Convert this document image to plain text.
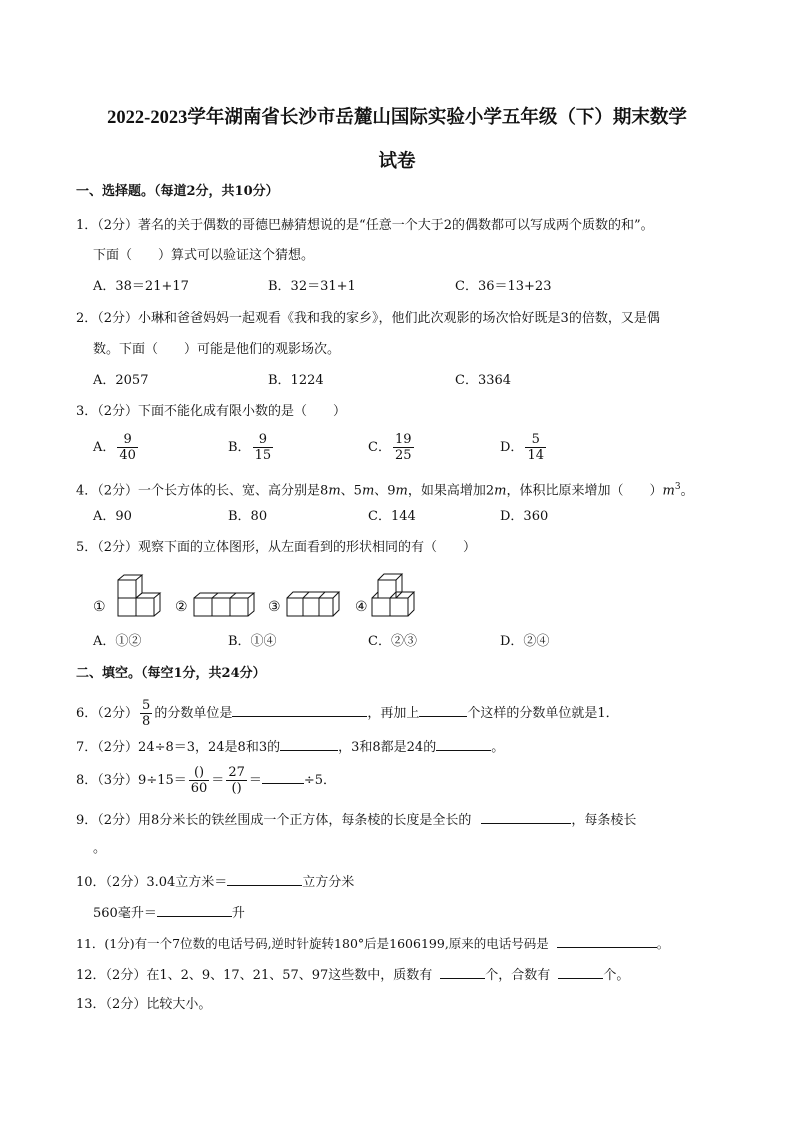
2022-2023学年湖南省长沙市岳麓山国际实验小学五年级（下）期末数学
试卷
一、选择题。（每道2分，共10分）
1．（2分）著名的关于偶数的哥德巴赫猜想说的是“任意一个大于2的偶数都可以写成两个质数的和”。
下面（　　）算式可以验证这个猜想。
A．38＝21+17	B．32＝31+1	C．36＝13+23
2．（2分）小琳和爸爸妈妈一起观看《我和我的家乡》，他们此次观影的场次恰好既是3的倍数，又是偶
数。下面（　　）可能是他们的观影场次。
A．2057	B．1224	C．3364
3．（2分）下面不能化成有限小数的是（　　）
A． $\frac{9}{40}$	B． $\frac{9}{15}$	C． $\frac{19}{25}$	D． $\frac{5}{14}$
4．（2分）一个长方体的长、宽、高分别是8m、5m、9m，如果高增加2m，体积比原来增加（　　）$m^3$。
A．90	B．80	C．144	D．360
5．（2分）观察下面的立体图形，从左面看到的形状相同的有（　　）
①	②	③	④
A．①②	B．①④	C．②③	D．②④
二、填空。（每空1分，共24分）
6．（2分） $\frac{5}{8}$ 的分数单位是	，再加上	个这样的分数单位就是1．
7．（2分）24÷8＝3，24是8和3的	，3和8都是24的	。
8．（3分）$9\div 15= \frac{()}{60} = \frac{27}{()}$ ＝	÷5．
9．（2分）用8分米长的铁丝围成一个正方体，每条棱的长度是全长的	，每条棱长
。
10．（2分）3.04立方米＝	立方分米
560毫升＝	升
11．(1分)有一个7位数的电话号码,逆时针旋转180°后是1606199,原来的电话号码是	。
12．（2分）在1、2、9、17、21、57、97这些数中，质数有	个，合数有	个。
13．（2分）比较大小。
